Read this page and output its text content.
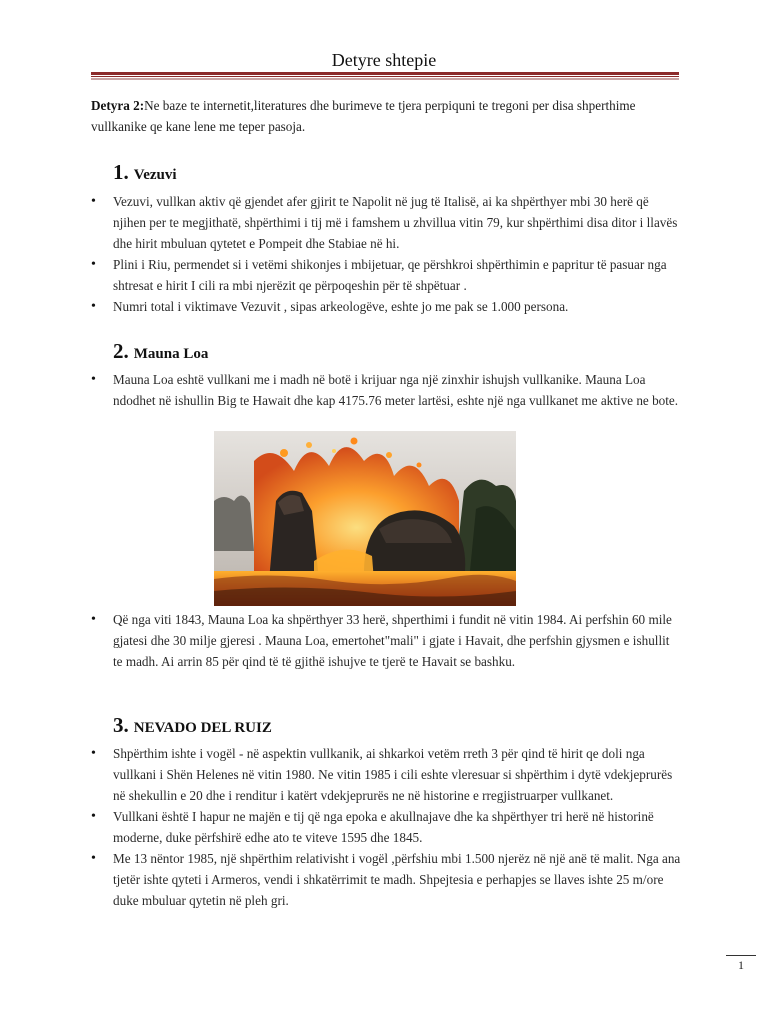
Detyre shtepie
Detyra 2:Ne baze te internetit,literatures dhe burimeve te tjera perpiquni te tregoni per disa shperthime vullkanike qe kane lene me teper pasoja.
1. Vezuvi
• Vezuvi, vullkan aktiv që gjendet afer gjirit te Napolit në jug të Italisë, ai ka shpërthyer mbi 30 herë që njihen per te megjithatë, shpërthimi i tij më i famshem u zhvillua vitin 79, kur shpërthimi disa ditor i llavës dhe hirit mbuluan qytetet e Pompeit dhe Stabiae në hi.
• Plini i Riu, permendet si i vetëmi shikonjes i mbijetuar, qe përshkroi shpërthimin e papritur të pasuar nga shtresat e hirit I cili ra mbi njerëzit qe përpoqeshin për të shpëtuar .
• Numri total i viktimave Vezuvit , sipas arkeologëve, eshte jo me pak se 1.000 persona.
2. Mauna Loa
• Mauna Loa eshtë vullkani me i madh në botë i krijuar nga një zinxhir ishujsh vullkanike. Mauna Loa ndodhet në ishullin Big te Hawait dhe kap 4175.76 meter lartësi, eshte një nga vullkanet me aktive ne bote.
• Që nga viti 1843, Mauna Loa ka shpërthyer 33 herë, shperthimi i fundit në vitin 1984. Ai perfshin 60 mile gjatesi dhe 30 milje gjeresi . Mauna Loa, emertohet"mali" i gjate i Havait, dhe perfshin gjysmen e ishullit te madh. Ai arrin 85 për qind të të gjithë ishujve te tjerë te Havait se bashku.
3. NEVADO DEL RUIZ
• Shpërthim ishte i vogël - në aspektin vullkanik, ai shkarkoi vetëm rreth 3 për qind të hirit qe doli nga vullkani i Shën Helenes në vitin 1980. Ne vitin 1985 i cili eshte vleresuar si shpërthim i dytë vdekjeprurës në shekullin e 20 dhe i renditur i katërt vdekjeprurës ne në historine e rregjistruarper vullkanet.
• Vullkani është I hapur ne majën e tij që nga epoka e akullnajave dhe ka shpërthyer tri herë në historinë moderne, duke përfshirë edhe ato te viteve 1595 dhe 1845.
• Me 13 nëntor 1985, një shpërthim relativisht i vogël ,përfshiu mbi 1.500 njerëz në një anë të malit. Nga ana tjetër ishte qyteti i Armeros, vendi i shkatërrimit te madh. Shpejtesia e perhapjes se llaves ishte 25 m/ore duke mbuluar qytetin në pleh gri.
1
